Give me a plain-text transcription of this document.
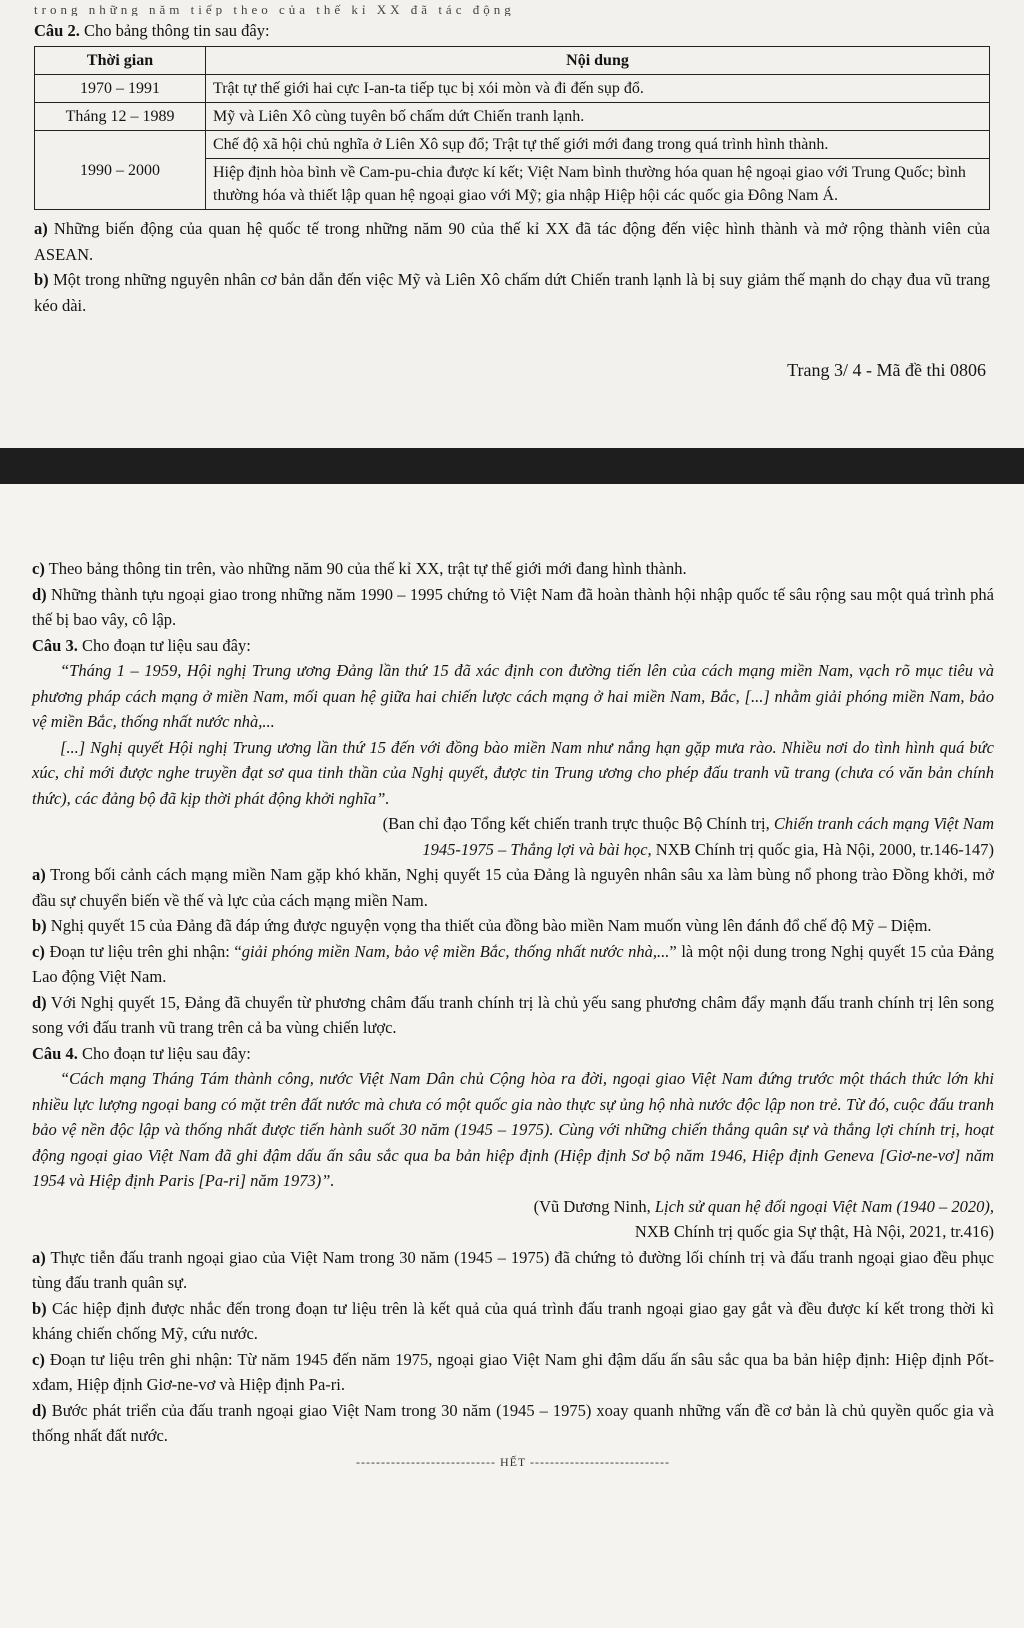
trong những năm tiếp theo của thế kỉ XX đã tác động
Câu 2. Cho bảng thông tin sau đây:
Thời gian	Nội dung
1970 – 1991	Trật tự thế giới hai cực I-an-ta tiếp tục bị xói mòn và đi đến sụp đổ.
Tháng 12 – 1989	Mỹ và Liên Xô cùng tuyên bố chấm dứt Chiến tranh lạnh.
1990 – 2000	Chế độ xã hội chủ nghĩa ở Liên Xô sụp đổ; Trật tự thế giới mới đang trong quá trình hình thành.
	Hiệp định hòa bình về Cam-pu-chia được kí kết; Việt Nam bình thường hóa quan hệ ngoại giao với Trung Quốc; bình thường hóa và thiết lập quan hệ ngoại giao với Mỹ; gia nhập Hiệp hội các quốc gia Đông Nam Á.

a) Những biến động của quan hệ quốc tế trong những năm 90 của thế kỉ XX đã tác động đến việc hình thành và mở rộng thành viên của ASEAN.

b) Một trong những nguyên nhân cơ bản dẫn đến việc Mỹ và Liên Xô chấm dứt Chiến tranh lạnh là bị suy giảm thế mạnh do chạy đua vũ trang kéo dài.

Trang 3/ 4 - Mã đề thi 0806

c) Theo bảng thông tin trên, vào những năm 90 của thế kỉ XX, trật tự thế giới mới đang hình thành.

d) Những thành tựu ngoại giao trong những năm 1990 – 1995 chứng tỏ Việt Nam đã hoàn thành hội nhập quốc tế sâu rộng sau một quá trình phá thế bị bao vây, cô lập.

Câu 3. Cho đoạn tư liệu sau đây:

“Tháng 1 – 1959, Hội nghị Trung ương Đảng lần thứ 15 đã xác định con đường tiến lên của cách mạng miền Nam, vạch rõ mục tiêu và phương pháp cách mạng ở miền Nam, mối quan hệ giữa hai chiến lược cách mạng ở hai miền Nam, Bắc, [...] nhằm giải phóng miền Nam, bảo vệ miền Bắc, thống nhất nước nhà,...

[...] Nghị quyết Hội nghị Trung ương lần thứ 15 đến với đồng bào miền Nam như nắng hạn gặp mưa rào. Nhiều nơi do tình hình quá bức xúc, chỉ mới được nghe truyền đạt sơ qua tinh thần của Nghị quyết, được tin Trung ương cho phép đấu tranh vũ trang (chưa có văn bản chính thức), các đảng bộ đã kịp thời phát động khởi nghĩa”.

(Ban chỉ đạo Tổng kết chiến tranh trực thuộc Bộ Chính trị, Chiến tranh cách mạng Việt Nam
1945-1975 – Thắng lợi và bài học, NXB Chính trị quốc gia, Hà Nội, 2000, tr.146-147)

a) Trong bối cảnh cách mạng miền Nam gặp khó khăn, Nghị quyết 15 của Đảng là nguyên nhân sâu xa làm bùng nổ phong trào Đồng khởi, mở đầu sự chuyển biến về thế và lực của cách mạng miền Nam.

b) Nghị quyết 15 của Đảng đã đáp ứng được nguyện vọng tha thiết của đồng bào miền Nam muốn vùng lên đánh đổ chế độ Mỹ – Diệm.

c) Đoạn tư liệu trên ghi nhận: “giải phóng miền Nam, bảo vệ miền Bắc, thống nhất nước nhà,...” là một nội dung trong Nghị quyết 15 của Đảng Lao động Việt Nam.

d) Với Nghị quyết 15, Đảng đã chuyển từ phương châm đấu tranh chính trị là chủ yếu sang phương châm đẩy mạnh đấu tranh chính trị lên song song với đấu tranh vũ trang trên cả ba vùng chiến lược.

Câu 4. Cho đoạn tư liệu sau đây:

“Cách mạng Tháng Tám thành công, nước Việt Nam Dân chủ Cộng hòa ra đời, ngoại giao Việt Nam đứng trước một thách thức lớn khi nhiều lực lượng ngoại bang có mặt trên đất nước mà chưa có một quốc gia nào thực sự ủng hộ nhà nước độc lập non trẻ. Từ đó, cuộc đấu tranh bảo vệ nền độc lập và thống nhất được tiến hành suốt 30 năm (1945 – 1975). Cùng với những chiến thắng quân sự và thắng lợi chính trị, hoạt động ngoại giao Việt Nam đã ghi đậm dấu ấn sâu sắc qua ba bản hiệp định (Hiệp định Sơ bộ năm 1946, Hiệp định Geneva [Giơ-ne-vơ] năm 1954 và Hiệp định Paris [Pa-ri] năm 1973)”.

(Vũ Dương Ninh, Lịch sử quan hệ đối ngoại Việt Nam (1940 – 2020),
NXB Chính trị quốc gia Sự thật, Hà Nội, 2021, tr.416)

a) Thực tiễn đấu tranh ngoại giao của Việt Nam trong 30 năm (1945 – 1975) đã chứng tỏ đường lối chính trị và đấu tranh ngoại giao đều phục tùng đấu tranh quân sự.

b) Các hiệp định được nhắc đến trong đoạn tư liệu trên là kết quả của quá trình đấu tranh ngoại giao gay gắt và đều được kí kết trong thời kì kháng chiến chống Mỹ, cứu nước.

c) Đoạn tư liệu trên ghi nhận: Từ năm 1945 đến năm 1975, ngoại giao Việt Nam ghi đậm dấu ấn sâu sắc qua ba bản hiệp định: Hiệp định Pốt-xđam, Hiệp định Giơ-ne-vơ và Hiệp định Pa-ri.

d) Bước phát triển của đấu tranh ngoại giao Việt Nam trong 30 năm (1945 – 1975) xoay quanh những vấn đề cơ bản là chủ quyền quốc gia và thống nhất đất nước.

---------------------------- HẾT ----------------------------
